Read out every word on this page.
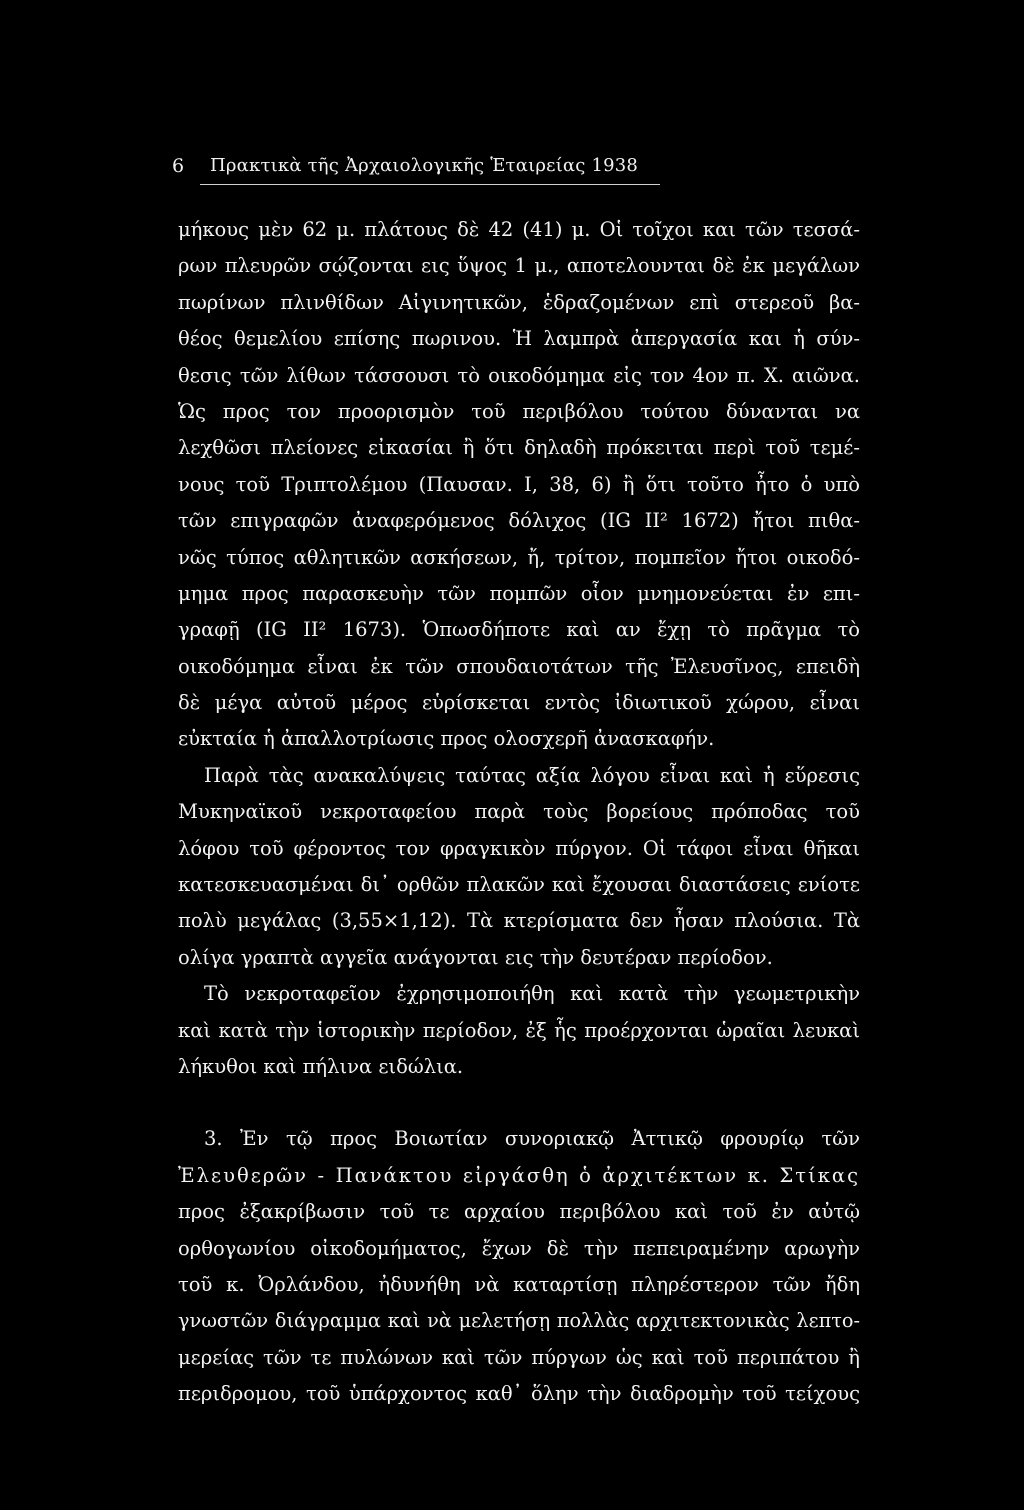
6 Πρακτικὰ τῆς Ἀρχαιολογικῆς Ἑταιρείας 1938
μήκους μὲν 62 μ. πλάτους δὲ 42 (41) μ. Οἱ τοῖχοι και τῶν τεσσά-
ρων πλευρῶν σῴζονται εις ὕψος 1 μ., αποτελουνται δὲ ἐκ μεγάλων
πωρίνων πλινθίδων Αἰγινητικῶν, ἑδραζομένων επὶ στερεοῦ βα-
θέος θεμελίου επίσης πωρινου. Ἡ λαμπρὰ ἀπεργασία και ἡ σύν-
θεσις τῶν λίθων τάσσουσι τὸ οικοδόμημα εἰς τον 4ον π. Χ. αιῶνα.
Ὡς προς τον προορισμὸν τοῦ περιβόλου τούτου δύνανται να
λεχθῶσι πλείονες εἰκασίαι ἢ ὅτι δηλαδὴ πρόκειται περὶ τοῦ τεμέ-
νους τοῦ Τριπτολέμου (Παυσαν. I, 38, 6) ἢ ὅτι τοῦτο ἦτο ὁ υπὸ
τῶν επιγραφῶν ἀναφερόμενος δόλιχος (IG II² 1672) ἤτοι πιθα-
νῶς τύπος αθλητικῶν ασκήσεων, ἤ, τρίτον, πομπεῖον ἤτοι οικοδό-
μημα προς παρασκευὴν τῶν πομπῶν οἷον μνημονεύεται ἐν επι-
γραφῇ (IG II² 1673). Ὁπωσδήποτε καὶ αν ἔχῃ τὸ πρᾶγμα τὸ
οικοδόμημα εἶναι ἐκ τῶν σπουδαιοτάτων τῆς Ἐλευσῖνος, επειδὴ
δὲ μέγα αὐτοῦ μέρος εὑρίσκεται εντὸς ἰδιωτικοῦ χώρου, εἶναι
εὐκταία ἡ ἀπαλλοτρίωσις προς ολοσχερῆ ἀνασκαφήν.
Παρὰ τὰς ανακαλύψεις ταύτας αξία λόγου εἶναι καὶ ἡ εὕρεσις
Μυκηναϊκοῦ νεκροταφείου παρὰ τοὺς βορείους πρόποδας τοῦ
λόφου τοῦ φέροντος τον φραγκικὸν πύργον. Οἱ τάφοι εἶναι θῆκαι
κατεσκευασμέναι δι᾽ ορθῶν πλακῶν καὶ ἔχουσαι διαστάσεις ενίοτε
πολὺ μεγάλας (3,55×1,12). Τὰ κτερίσματα δεν ἦσαν πλούσια. Τὰ
ολίγα γραπτὰ αγγεῖα ανάγονται εις τὴν δευτέραν περίοδον.
Τὸ νεκροταφεῖον ἐχρησιμοποιήθη καὶ κατὰ τὴν γεωμετρικὴν
καὶ κατὰ τὴν ἱστορικὴν περίοδον, ἐξ ἧς προέρχονται ὡραῖαι λευκαὶ
λήκυθοι καὶ πήλινα ειδώλια.
3. Ἐν τῷ προς Βοιωτίαν συνοριακῷ Ἀττικῷ φρουρίῳ τῶν
Ἐλευθερῶν - Πανάκτου εἰργάσθη ὁ ἀρχιτέκτων κ. Στίκας
προς ἐξακρίβωσιν τοῦ τε αρχαίου περιβόλου καὶ τοῦ ἐν αὐτῷ
ορθογωνίου οἰκοδομήματος, ἔχων δὲ τὴν πεπειραμένην αρωγὴν
τοῦ κ. Ὀρλάνδου, ἠδυνήθη νὰ καταρτίσῃ πληρέστερον τῶν ἤδη
γνωστῶν διάγραμμα καὶ νὰ μελετήσῃ πολλὰς αρχιτεκτονικὰς λεπτο-
μερείας τῶν τε πυλώνων καὶ τῶν πύργων ὡς καὶ τοῦ περιπάτου ἢ
περιδρομου, τοῦ ὑπάρχοντος καθ᾽ ὅλην τὴν διαδρομὴν τοῦ τείχους
